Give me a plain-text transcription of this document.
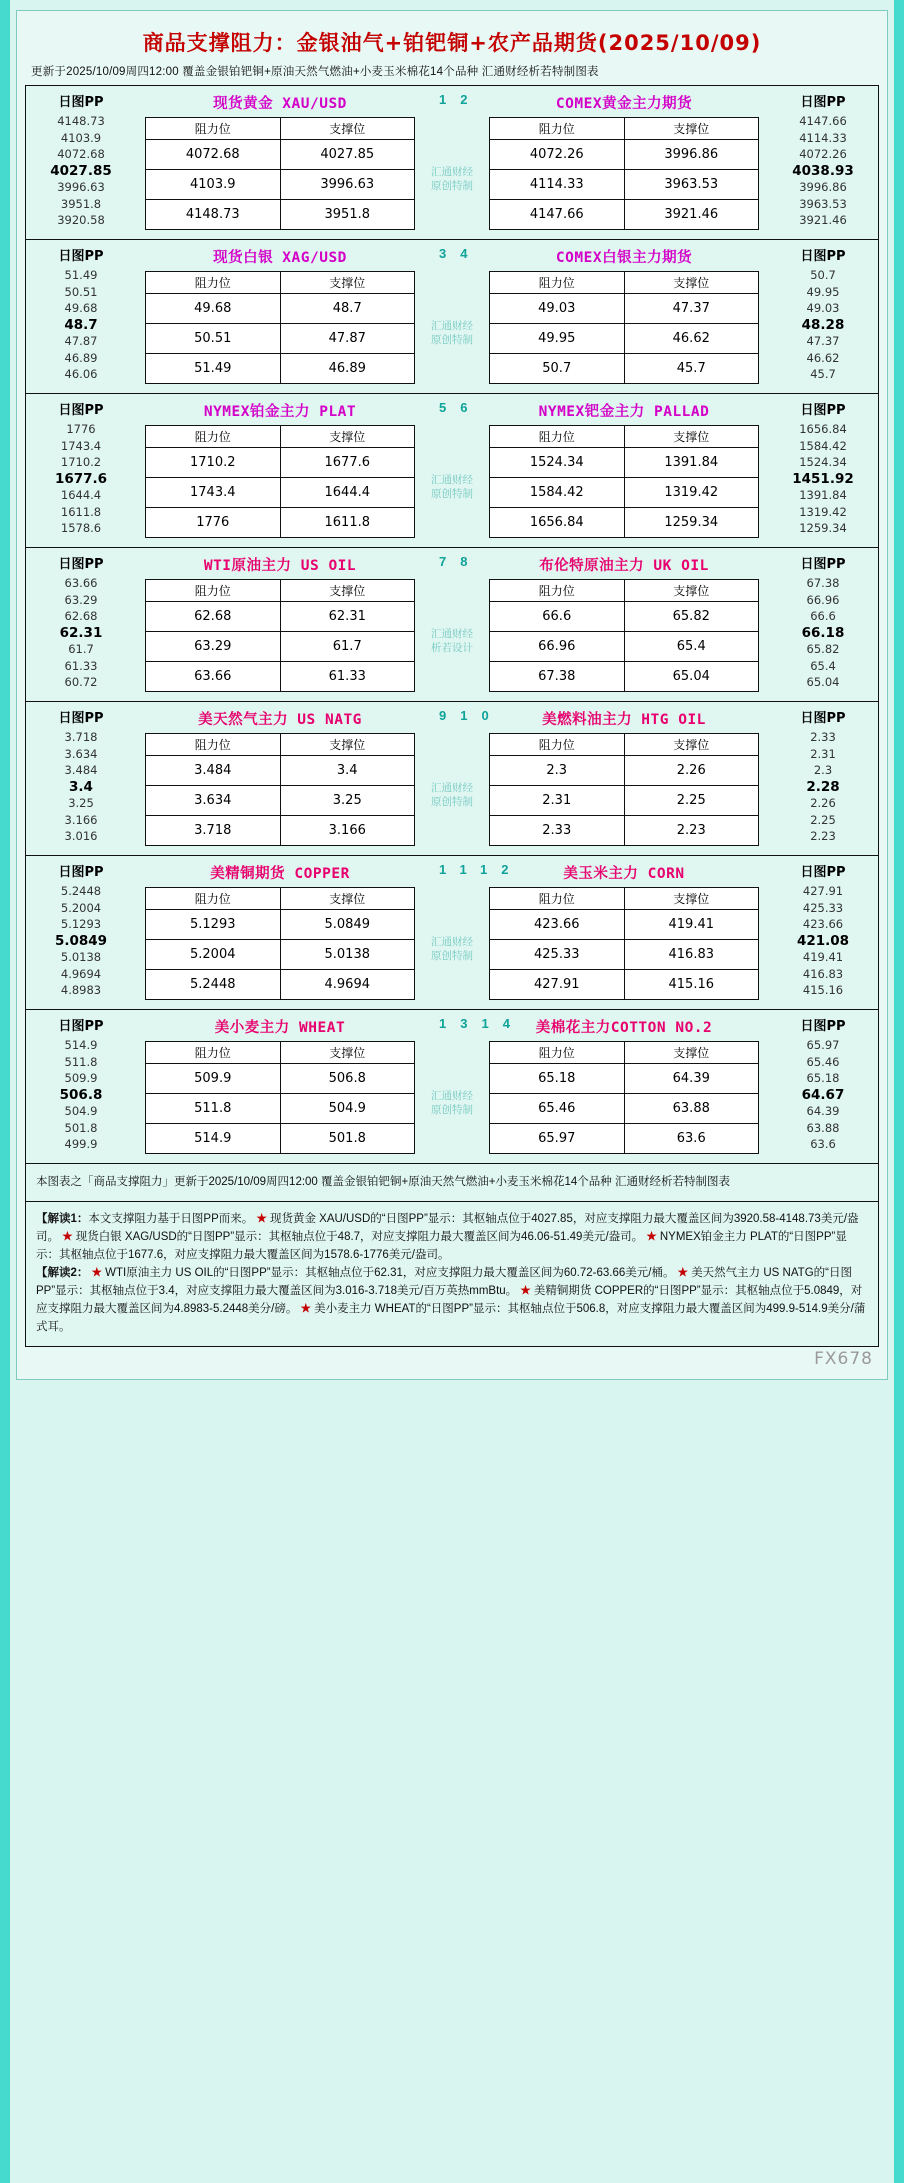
商品支撑阻力：金银油气+铂钯铜+农产品期货(2025/10/09)
更新于2025/10/09周四12:00 覆盖金银铂钯铜+原油天然气燃油+小麦玉米棉花14个品种 汇通财经析若特制图表
日图PP
4148.73
4103.9
4072.68
4027.85
3996.63
3951.8
3920.58

现货黄金 XAU/USD
阻力位	支撑位
4072.68	4027.85
4103.9	3996.63
4148.73	3951.8

12
汇通财经
原创特制

COMEX黄金主力期货
阻力位	支撑位
4072.26	3996.86
4114.33	3963.53
4147.66	3921.46

日图PP
4147.66
4114.33
4072.26
4038.93
3996.86
3963.53
3921.46
日图PP
51.49
50.51
49.68
48.7
47.87
46.89
46.06

现货白银 XAG/USD
阻力位	支撑位
49.68	48.7
50.51	47.87
51.49	46.89

34
汇通财经
原创特制

COMEX白银主力期货
阻力位	支撑位
49.03	47.37
49.95	46.62
50.7	45.7

日图PP
50.7
49.95
49.03
48.28
47.37
46.62
45.7
日图PP
1776
1743.4
1710.2
1677.6
1644.4
1611.8
1578.6

NYMEX铂金主力 PLAT
阻力位	支撑位
1710.2	1677.6
1743.4	1644.4
1776	1611.8

56
汇通财经
原创特制

NYMEX钯金主力 PALLAD
阻力位	支撑位
1524.34	1391.84
1584.42	1319.42
1656.84	1259.34

日图PP
1656.84
1584.42
1524.34
1451.92
1391.84
1319.42
1259.34
日图PP
63.66
63.29
62.68
62.31
61.7
61.33
60.72

WTI原油主力 US OIL
阻力位	支撑位
62.68	62.31
63.29	61.7
63.66	61.33

78
汇通财经
析若设计

布伦特原油主力 UK OIL
阻力位	支撑位
66.6	65.82
66.96	65.4
67.38	65.04

日图PP
67.38
66.96
66.6
66.18
65.82
65.4
65.04
日图PP
3.718
3.634
3.484
3.4
3.25
3.166
3.016

美天然气主力 US NATG
阻力位	支撑位
3.484	3.4
3.634	3.25
3.718	3.166

910
汇通财经
原创特制

美燃料油主力 HTG OIL
阻力位	支撑位
2.3	2.26
2.31	2.25
2.33	2.23

日图PP
2.33
2.31
2.3
2.28
2.26
2.25
2.23
日图PP
5.2448
5.2004
5.1293
5.0849
5.0138
4.9694
4.8983

美精铜期货 COPPER
阻力位	支撑位
5.1293	5.0849
5.2004	5.0138
5.2448	4.9694

1112
汇通财经
原创特制

美玉米主力 CORN
阻力位	支撑位
423.66	419.41
425.33	416.83
427.91	415.16

日图PP
427.91
425.33
423.66
421.08
419.41
416.83
415.16
日图PP
514.9
511.8
509.9
506.8
504.9
501.8
499.9

美小麦主力 WHEAT
阻力位	支撑位
509.9	506.8
511.8	504.9
514.9	501.8

1314
汇通财经
原创特制

美棉花主力COTTON NO.2
阻力位	支撑位
65.18	64.39
65.46	63.88
65.97	63.6

日图PP
65.97
65.46
65.18
64.67
64.39
63.88
63.6
本图表之「商品支撑阻力」更新于2025/10/09周四12:00 覆盖金银铂钯铜+原油天然气燃油+小麦玉米棉花14个品种 汇通财经析若特制图表
【解读1：本文支撑阻力基于日图PP而来。 ★ 现货黄金 XAU/USD的“日图PP”显示：其枢轴点位于4027.85，对应支撑阻力最大覆盖区间为3920.58-4148.73美元/盎司。 ★ 现货白银 XAG/USD的“日图PP”显示：其枢轴点位于48.7，对应支撑阻力最大覆盖区间为46.06-51.49美元/盎司。 ★ NYMEX铂金主力 PLAT的“日图PP”显示：其枢轴点位于1677.6，对应支撑阻力最大覆盖区间为1578.6-1776美元/盎司。
【解读2： ★ WTI原油主力 US OIL的“日图PP”显示：其枢轴点位于62.31，对应支撑阻力最大覆盖区间为60.72-63.66美元/桶。 ★ 美天然气主力 US NATG的“日图PP”显示：其枢轴点位于3.4，对应支撑阻力最大覆盖区间为3.016-3.718美元/百万英热mmBtu。 ★ 美精铜期货 COPPER的“日图PP”显示：其枢轴点位于5.0849，对应支撑阻力最大覆盖区间为4.8983-5.2448美分/磅。 ★ 美小麦主力 WHEAT的“日图PP”显示：其枢轴点位于506.8，对应支撑阻力最大覆盖区间为499.9-514.9美分/蒲式耳。
FX678
